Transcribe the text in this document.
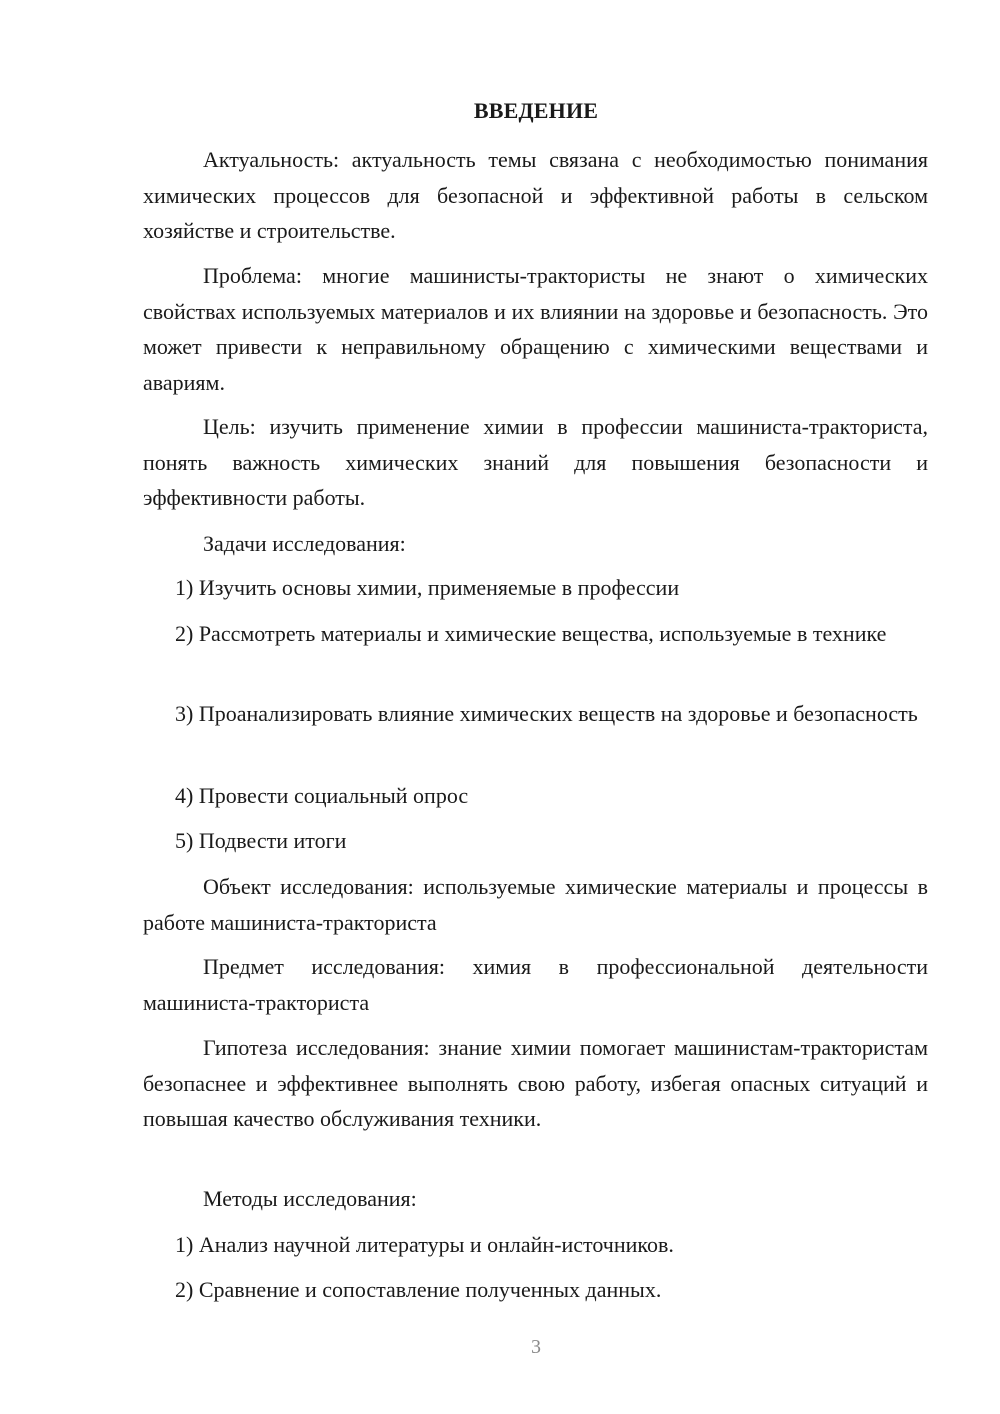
ВВЕДЕНИЕ

Актуальность: актуальность темы связана с необходимостью понимания химических процессов для безопасной и эффективной работы в сельском хозяйстве и строительстве.

Проблема: многие машинисты-трактористы не знают о химических свойствах используемых материалов и их влиянии на здоровье и безопасность. Это может привести к неправильному обращению с химическими веществами и авариям.

Цель: изучить применение химии в профессии машиниста-тракториста, понять важность химических знаний для повышения безопасности и эффективности работы.

Задачи исследования:

1) Изучить основы химии, применяемые в профессии

2) Рассмотреть материалы и химические вещества, используемые в технике

3) Проанализировать влияние химических веществ на здоровье и безопасность

4) Провести социальный опрос

5) Подвести итоги

Объект исследования: используемые химические материалы и процессы в работе машиниста-тракториста

Предмет исследования: химия в профессиональной деятельности машиниста-тракториста

Гипотеза исследования: знание химии помогает машинистам-трактористам безопаснее и эффективнее выполнять свою работу, избегая опасных ситуаций и повышая качество обслуживания техники.

Методы исследования:

1) Анализ научной литературы и онлайн-источников.

2) Сравнение и сопоставление полученных данных.

3
